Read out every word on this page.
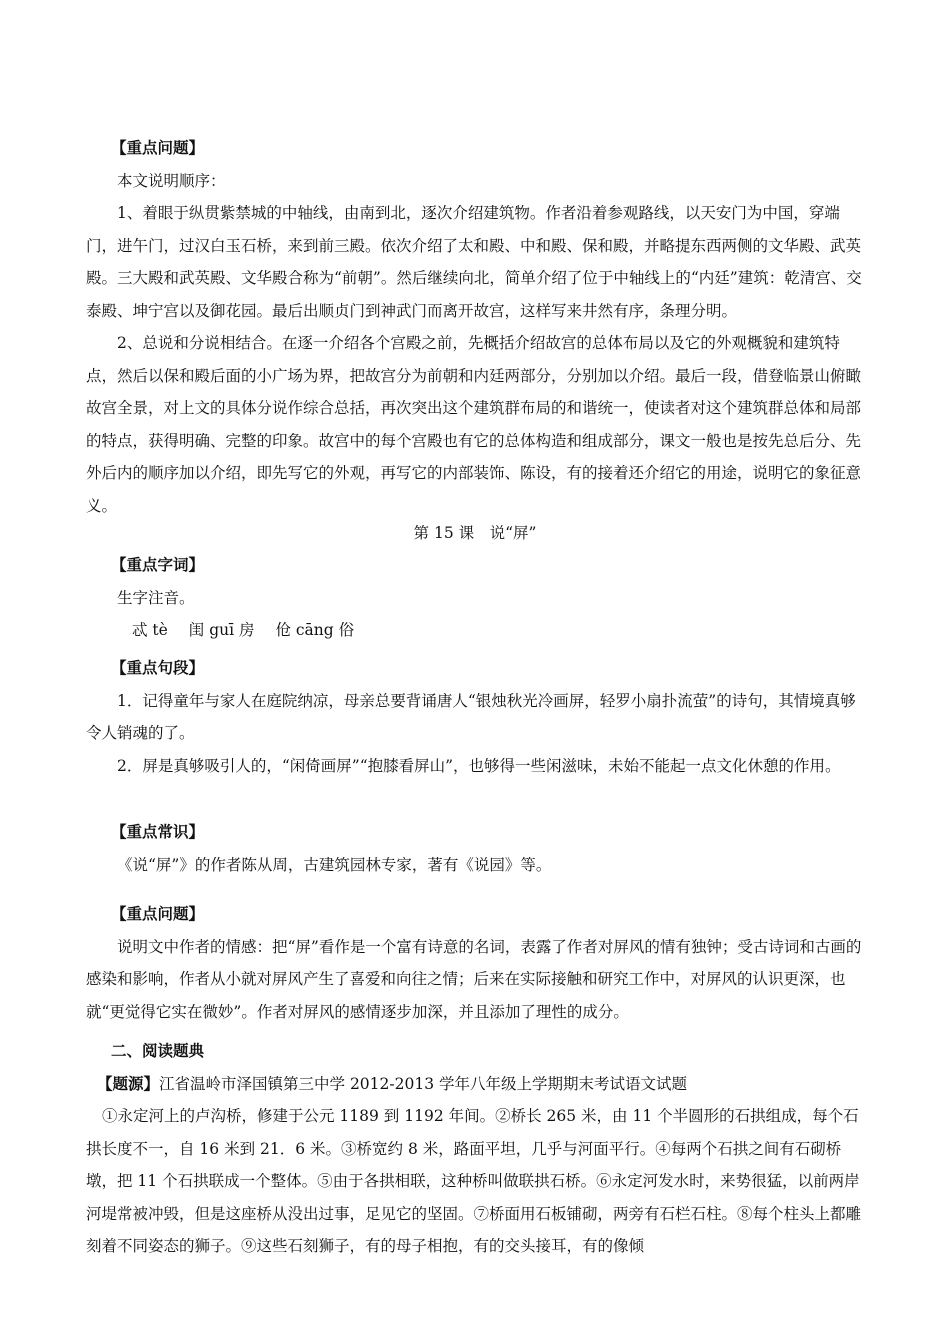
【重点问题】

本文说明顺序：

1、着眼于纵贯紫禁城的中轴线，由南到北，逐次介绍建筑物。作者沿着参观路线，以天安门为中国，穿端门，进午门，过汉白玉石桥，来到前三殿。依次介绍了太和殿、中和殿、保和殿，并略提东西两侧的文华殿、武英殿。三大殿和武英殿、文华殿合称为“前朝”。然后继续向北，简单介绍了位于中轴线上的“内廷”建筑：乾清宫、交泰殿、坤宁宫以及御花园。最后出顺贞门到神武门而离开故宫，这样写来井然有序，条理分明。

2、总说和分说相结合。在逐一介绍各个宫殿之前，先概括介绍故宫的总体布局以及它的外观概貌和建筑特点，然后以保和殿后面的小广场为界，把故宫分为前朝和内廷两部分，分别加以介绍。最后一段，借登临景山俯瞰故宫全景，对上文的具体分说作综合总括，再次突出这个建筑群布局的和谐统一，使读者对这个建筑群总体和局部的特点，获得明确、完整的印象。故宫中的每个宫殿也有它的总体构造和组成部分，课文一般也是按先总后分、先外后内的顺序加以介绍，即先写它的外观，再写它的内部装饰、陈设，有的接着还介绍它的用途，说明它的象征意义。

第 15 课　说“屏”
【重点字词】

生字注音。

忒 tè 闺 guī 房 伧 cāng 俗

【重点句段】

1．记得童年与家人在庭院纳凉，母亲总要背诵唐人“银烛秋光冷画屏，轻罗小扇扑流萤”的诗句，其情境真够令人销魂的了。

2．屏是真够吸引人的，“闲倚画屏”“抱膝看屏山”，也够得一些闲滋味，未始不能起一点文化休憩的作用。

【重点常识】

《说“屏”》的作者陈从周，古建筑园林专家，著有《说园》等。

【重点问题】

说明文中作者的情感：把“屏”看作是一个富有诗意的名词，表露了作者对屏风的情有独钟；受古诗词和古画的感染和影响，作者从小就对屏风产生了喜爱和向往之情；后来在实际接触和研究工作中，对屏风的认识更深，也就“更觉得它实在微妙”。作者对屏风的感情逐步加深，并且添加了理性的成分。

二、阅读题典

【题源】江省温岭市泽国镇第三中学 2012-2013 学年八年级上学期期末考试语文试题

①永定河上的卢沟桥，修建于公元 1189 到 1192 年间。②桥长 265 米，由 11 个半圆形的石拱组成，每个石拱长度不一，自 16 米到 21．6 米。③桥宽约 8 米，路面平坦，几乎与河面平行。④每两个石拱之间有石砌桥墩，把 11 个石拱联成一个整体。⑤由于各拱相联，这种桥叫做联拱石桥。⑥永定河发水时，来势很猛，以前两岸河堤常被冲毁，但是这座桥从没出过事，足见它的坚固。⑦桥面用石板铺砌，两旁有石栏石柱。⑧每个柱头上都雕刻着不同姿态的狮子。⑨这些石刻狮子，有的母子相抱，有的交头接耳，有的像倾
